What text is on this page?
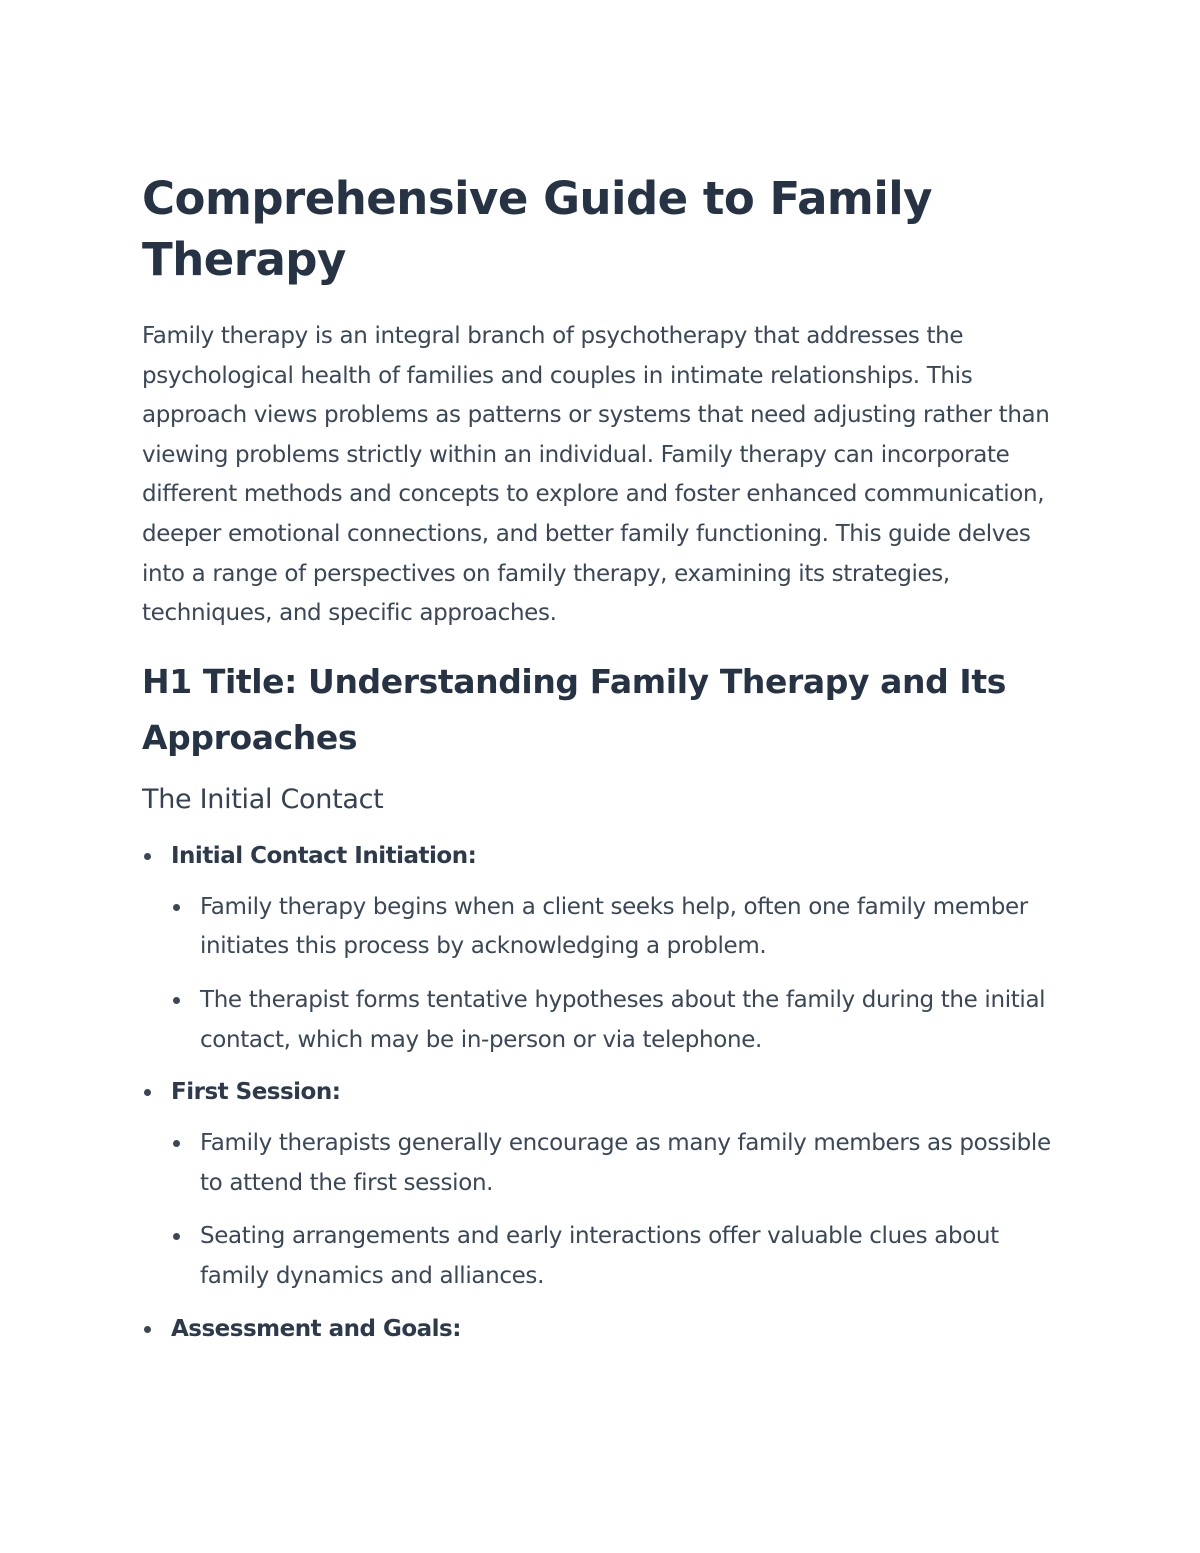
Comprehensive Guide to Family Therapy

Family therapy is an integral branch of psychotherapy that addresses the psychological health of families and couples in intimate relationships. This approach views problems as patterns or systems that need adjusting rather than viewing problems strictly within an individual. Family therapy can incorporate different methods and concepts to explore and foster enhanced communication, deeper emotional connections, and better family functioning. This guide delves into a range of perspectives on family therapy, examining its strategies, techniques, and specific approaches.

H1 Title: Understanding Family Therapy and Its Approaches
The Initial Contact
Initial Contact Initiation:
Family therapy begins when a client seeks help, often one family member initiates this process by acknowledging a problem.
The therapist forms tentative hypotheses about the family during the initial contact, which may be in-person or via telephone.
First Session:
Family therapists generally encourage as many family members as possible to attend the first session.
Seating arrangements and early interactions offer valuable clues about family dynamics and alliances.
Assessment and Goals:
